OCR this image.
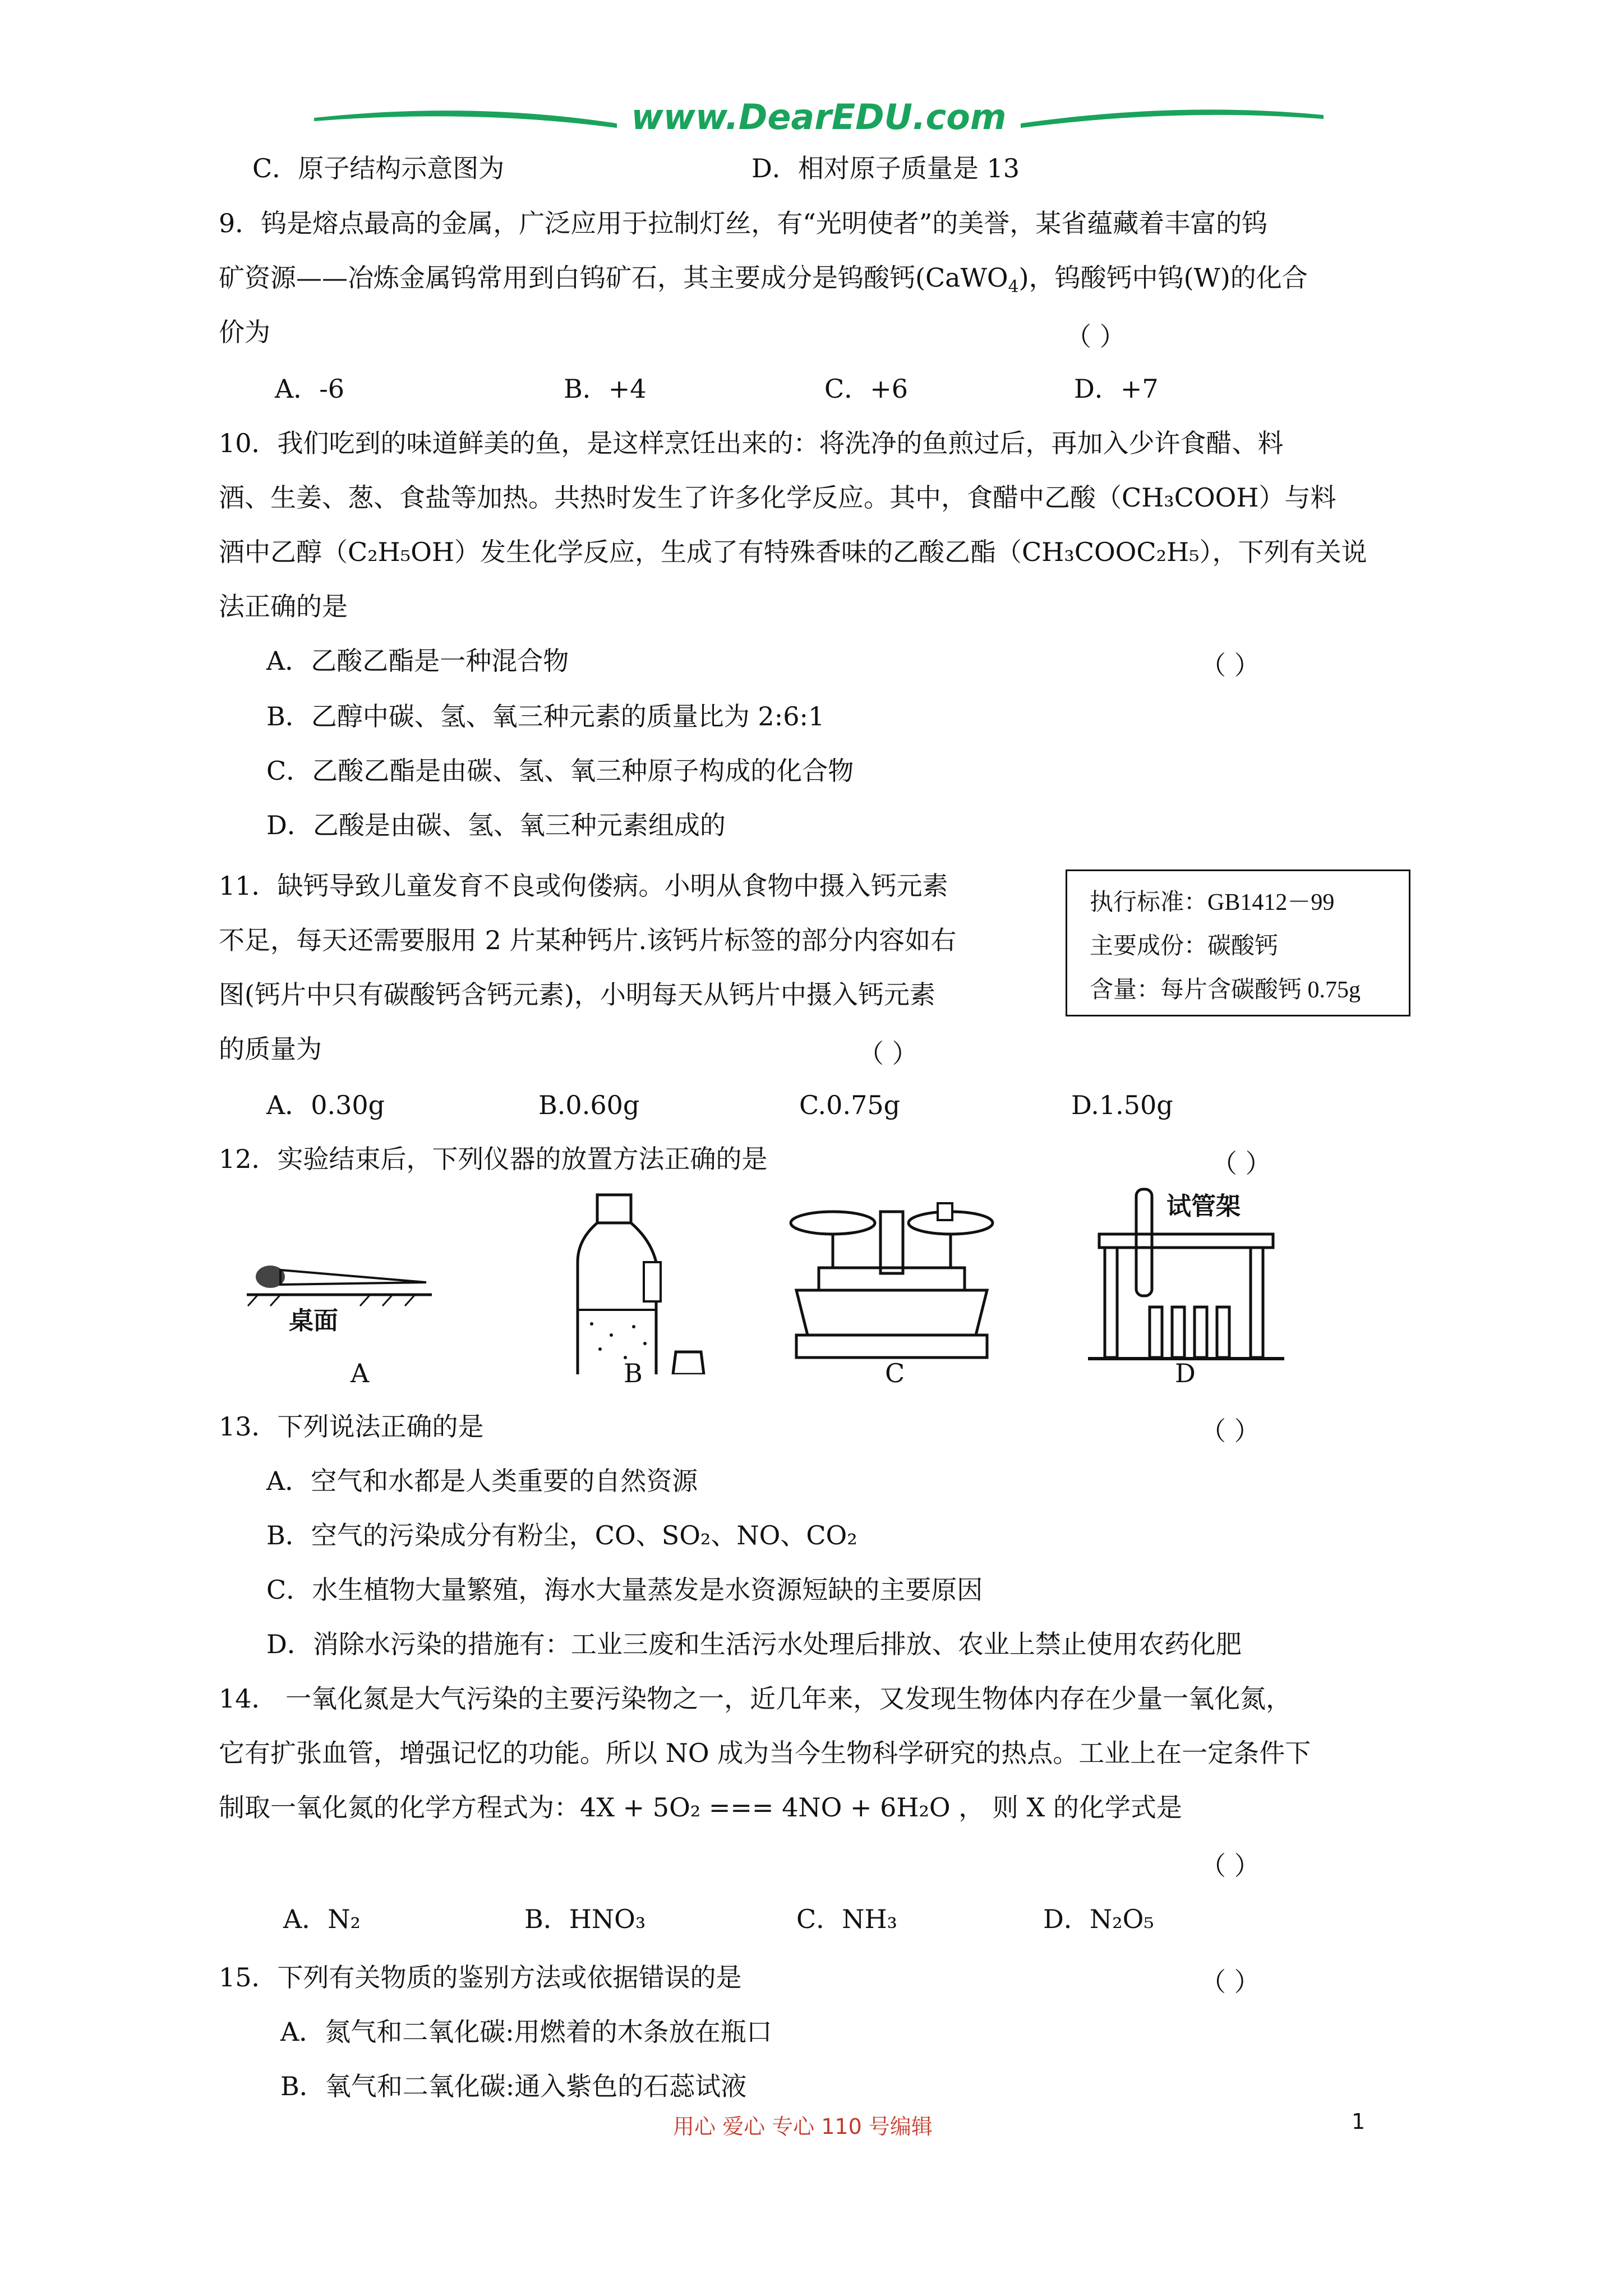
www.DearEDU.com
C．原子结构示意图为	D．相对原子质量是 13
9．钨是熔点最高的金属，广泛应用于拉制灯丝，有“光明使者”的美誉，某省蕴藏着丰富的钨
矿资源——冶炼金属钨常用到白钨矿石，其主要成分是钨酸钙(CaWO$_4$)，钨酸钙中钨(W)的化合
价为	（ ）
A．-6	B．+4	C．+6	D．+7
10．我们吃到的味道鲜美的鱼，是这样烹饪出来的：将洗净的鱼煎过后，再加入少许食醋、料
酒、生姜、葱、食盐等加热。共热时发生了许多化学反应。其中，食醋中乙酸（CH₃COOH）与料
酒中乙醇（C₂H₅OH）发生化学反应，生成了有特殊香味的乙酸乙酯（CH₃COOC₂H₅），下列有关说
法正确的是
A．乙酸乙酯是一种混合物	（ ）
B．乙醇中碳、氢、氧三种元素的质量比为 2:6:1
C．乙酸乙酯是由碳、氢、氧三种原子构成的化合物
D．乙酸是由碳、氢、氧三种元素组成的
11．缺钙导致儿童发育不良或佝偻病。小明从食物中摄入钙元素
不足，每天还需要服用 2 片某种钙片.该钙片标签的部分内容如右
图(钙片中只有碳酸钙含钙元素)，小明每天从钙片中摄入钙元素
的质量为	（ ）
执行标准：GB1412－99
主要成份：碳酸钙
含量：每片含碳酸钙 0.75g
A．0.30g	B.0.60g	C.0.75g	D.1.50g
12．实验结束后，下列仪器的放置方法正确的是	（ ）
桌面
试管架
A	B	C	D
13．下列说法正确的是	（ ）
A．空气和水都是人类重要的自然资源
B．空气的污染成分有粉尘，CO、SO₂、NO、CO₂
C．水生植物大量繁殖，海水大量蒸发是水资源短缺的主要原因
D．消除水污染的措施有：工业三废和生活污水处理后排放、农业上禁止使用农药化肥
14． 一氧化氮是大气污染的主要污染物之一，近几年来，又发现生物体内存在少量一氧化氮，
它有扩张血管，增强记忆的功能。所以 NO 成为当今生物科学研究的热点。工业上在一定条件下
制取一氧化氮的化学方程式为：4X + 5O₂ === 4NO + 6H₂O ， 则 X 的化学式是
（ ）
A．N₂	B．HNO₃	C．NH₃	D．N₂O₅
15．下列有关物质的鉴别方法或依据错误的是	（ ）
A．氮气和二氧化碳:用燃着的木条放在瓶口
B．氧气和二氧化碳:通入紫色的石蕊试液
用心 爱心 专心 110 号编辑	1
